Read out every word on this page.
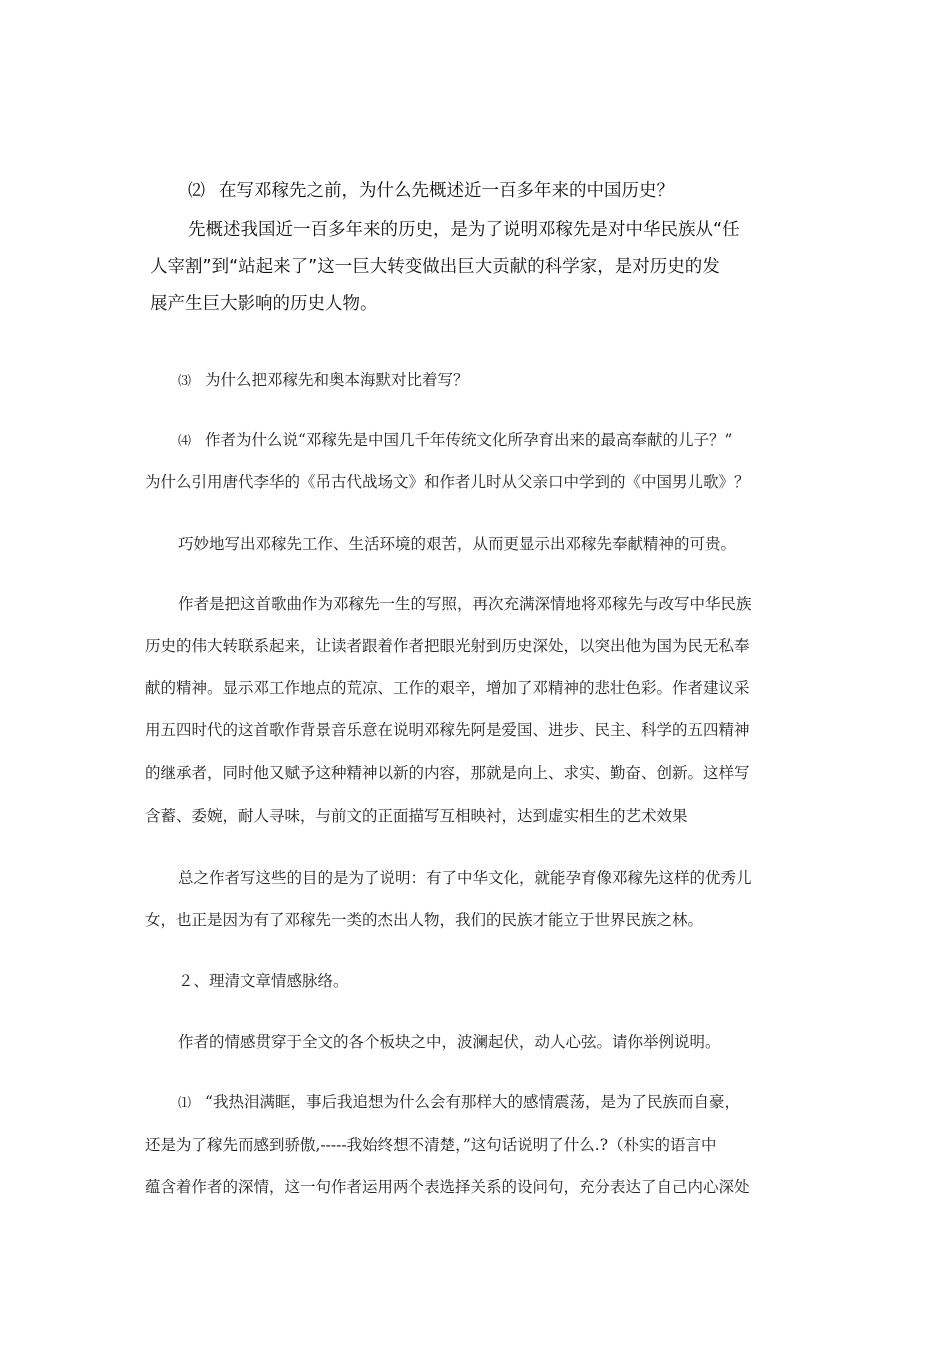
⑵ 在写邓稼先之前，为什么先概述近一百多年来的中国历史？

先概述我国近一百多年来的历史，是为了说明邓稼先是对中华民族从“任

人宰割”到“站起来了”这一巨大转变做出巨大贡献的科学家，是对历史的发

展产生巨大影响的历史人物。

⑶ 为什么把邓稼先和奥本海默对比着写？

⑷ 作者为什么说“邓稼先是中国几千年传统文化所孕育出来的最高奉献的儿子？”

为什么引用唐代李华的《吊古代战场文》和作者儿时从父亲口中学到的《中国男儿歌》？

巧妙地写出邓稼先工作、生活环境的艰苦，从而更显示出邓稼先奉献精神的可贵。

作者是把这首歌曲作为邓稼先一生的写照，再次充满深情地将邓稼先与改写中华民族

历史的伟大转联系起来，让读者跟着作者把眼光射到历史深处，以突出他为国为民无私奉

献的精神。显示邓工作地点的荒凉、工作的艰辛，增加了邓精神的悲壮色彩。作者建议采

用五四时代的这首歌作背景音乐意在说明邓稼先阿是爱国、进步、民主、科学的五四精神

的继承者，同时他又赋予这种精神以新的内容，那就是向上、求实、勤奋、创新。这样写

含蓄、委婉，耐人寻味，与前文的正面描写互相映衬，达到虚实相生的艺术效果

总之作者写这些的目的是为了说明：有了中华文化，就能孕育像邓稼先这样的优秀儿

女，也正是因为有了邓稼先一类的杰出人物，我们的民族才能立于世界民族之林。

２、理清文章情感脉络。

作者的情感贯穿于全文的各个板块之中，波澜起伏，动人心弦。请你举例说明。

⑴ “我热泪满眶，事后我追想为什么会有那样大的感情震荡，是为了民族而自豪，

还是为了稼先而感到骄傲,-----我始终想不清楚，”这句话说明了什么.?（朴实的语言中

蕴含着作者的深情，这一句作者运用两个表选择关系的设问句，充分表达了自己内心深处
